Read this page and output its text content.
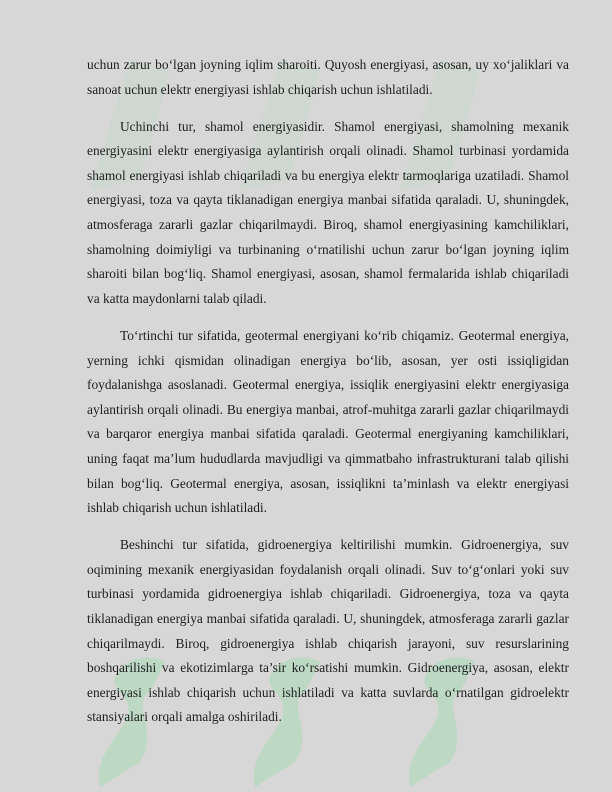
uchun zarur bo‘lgan joyning iqlim sharoiti. Quyosh energiyasi, asosan, uy xo‘jaliklari va sanoat uchun elektr energiyasi ishlab chiqarish uchun ishlatiladi.

Uchinchi tur, shamol energiyasidir. Shamol energiyasi, shamolning mexanik energiyasini elektr energiyasiga aylantirish orqali olinadi. Shamol turbinasi yordamida shamol energiyasi ishlab chiqariladi va bu energiya elektr tarmoqlariga uzatiladi. Shamol energiyasi, toza va qayta tiklanadigan energiya manbai sifatida qaraladi. U, shuningdek, atmosferaga zararli gazlar chiqarilmaydi. Biroq, shamol energiyasining kamchiliklari, shamolning doimiyligi va turbinaning o‘rnatilishi uchun zarur bo‘lgan joyning iqlim sharoiti bilan bog‘liq. Shamol energiyasi, asosan, shamol fermalarida ishlab chiqariladi va katta maydonlarni talab qiladi.

To‘rtinchi tur sifatida, geotermal energiyani ko‘rib chiqamiz. Geotermal energiya, yerning ichki qismidan olinadigan energiya bo‘lib, asosan, yer osti issiqligidan foydalanishga asoslanadi. Geotermal energiya, issiqlik energiyasini elektr energiyasiga aylantirish orqali olinadi. Bu energiya manbai, atrof-muhitga zararli gazlar chiqarilmaydi va barqaror energiya manbai sifatida qaraladi. Geotermal energiyaning kamchiliklari, uning faqat ma’lum hududlarda mavjudligi va qimmatbaho infrastrukturani talab qilishi bilan bog‘liq. Geotermal energiya, asosan, issiqlikni ta’minlash va elektr energiyasi ishlab chiqarish uchun ishlatiladi.

Beshinchi tur sifatida, gidroenergiya keltirilishi mumkin. Gidroenergiya, suv oqimining mexanik energiyasidan foydalanish orqali olinadi. Suv to‘g‘onlari yoki suv turbinasi yordamida gidroenergiya ishlab chiqariladi. Gidroenergiya, toza va qayta tiklanadigan energiya manbai sifatida qaraladi. U, shuningdek, atmosferaga zararli gazlar chiqarilmaydi. Biroq, gidroenergiya ishlab chiqarish jarayoni, suv resurslarining boshqarilishi va ekotizimlarga ta’sir ko‘rsatishi mumkin. Gidroenergiya, asosan, elektr energiyasi ishlab chiqarish uchun ishlatiladi va katta suvlarda o‘rnatilgan gidroelektr stansiyalari orqali amalga oshiriladi.
